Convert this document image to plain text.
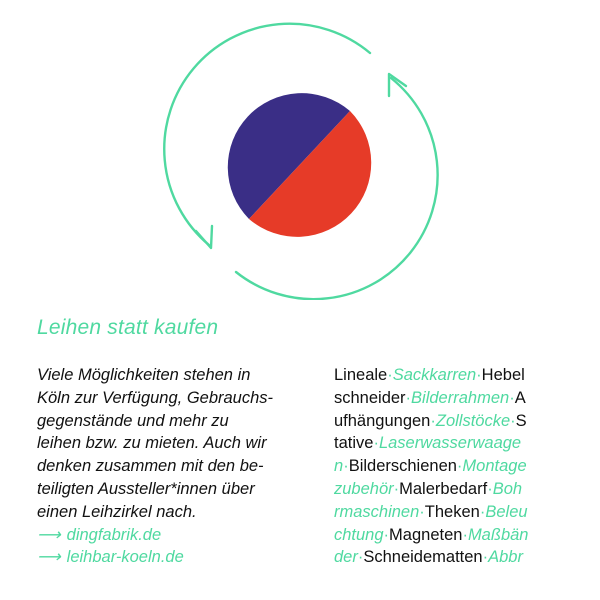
Leihen statt kaufen
Viele Möglichkeiten stehen in
Köln zur Verfügung, Gebrauchs-
gegenstände und mehr zu
leihen bzw. zu mieten. Auch wir
denken zusammen mit den be-
teiligten Aussteller*innen über
einen Leihzirkel nach.
⟶ dingfabrik.de
⟶ leihbar-koeln.de
Lineale·Sackkarren·Hebel
schneider·Bilderrahmen·A
ufhängungen·Zollstöcke·S
tative·Laserwasserwaage
n·Bilderschienen·Montage
zubehör·Malerbedarf·Boh
rmaschinen·Theken·Beleu
chtung·Magneten·Maßbän
der·Schneidematten·Abbr
